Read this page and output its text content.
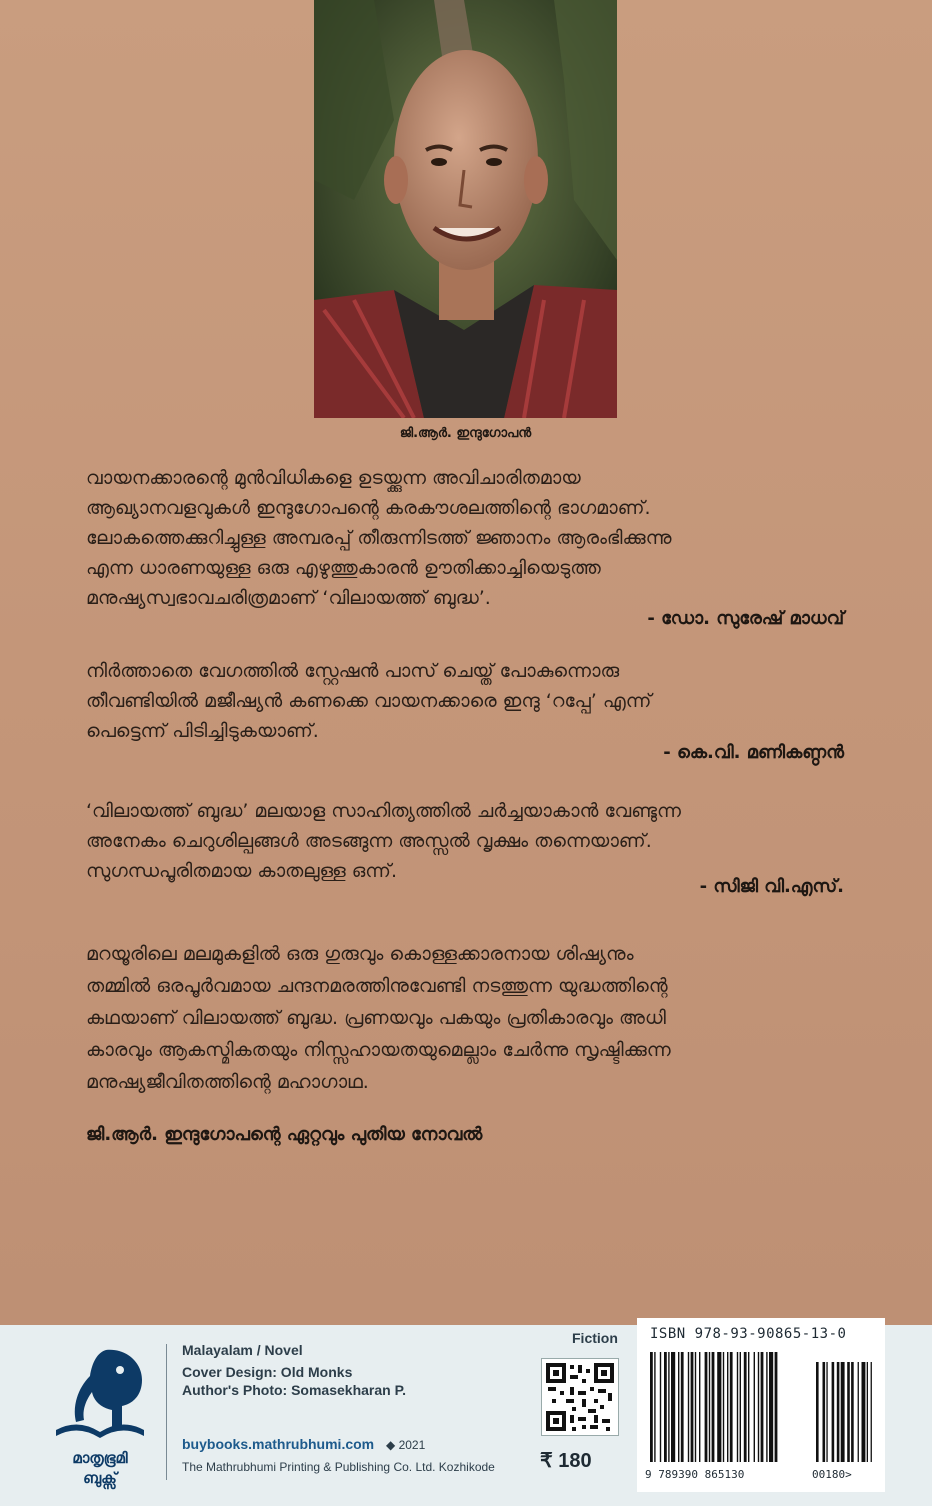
ജി.ആർ. ഇന്ദുഗോപൻ

വായനക്കാരന്റെ മുൻവിധികളെ ഉടയ്ക്കുന്ന അവിചാരിതമായ

ആഖ്യാനവളവുകൾ ഇന്ദുഗോപന്റെ കരകൗശലത്തിന്റെ ഭാഗമാണ്.

ലോകത്തെക്കുറിച്ചുള്ള അമ്പരപ്പ് തീരുന്നിടത്ത് ജ്ഞാനം ആരംഭിക്കുന്നു

എന്ന ധാരണയുള്ള ഒരു എഴുത്തുകാരൻ ഊതിക്കാച്ചിയെടുത്ത

മനുഷ്യസ്വഭാവചരിത്രമാണ് ‘വിലായത്ത് ബുദ്ധ’.

- ഡോ. സുരേഷ് മാധവ്

നിർത്താതെ വേഗത്തിൽ സ്റ്റേഷൻ പാസ് ചെയ്ത് പോകുന്നൊരു

തീവണ്ടിയിൽ മജീഷ്യൻ കണക്കെ വായനക്കാരെ ഇന്ദു ‘റപ്പേ’ എന്ന്

പെട്ടെന്ന് പിടിച്ചിടുകയാണ്.

- കെ.വി. മണികണ്ഠൻ

‘വിലായത്ത് ബുദ്ധ’ മലയാള സാഹിത്യത്തിൽ ചർച്ചയാകാൻ വേണ്ടുന്ന

അനേകം ചെറുശില്പങ്ങൾ അടങ്ങുന്ന അസ്സൽ വൃക്ഷം തന്നെയാണ്.

സുഗന്ധപൂരിതമായ കാതലുള്ള ഒന്ന്.

- സിജി വി.എസ്.

മറയൂരിലെ മലമുകളിൽ ഒരു ഗുരുവും കൊള്ളക്കാരനായ ശിഷ്യനും

തമ്മിൽ ഒരപൂർവമായ ചന്ദനമരത്തിനുവേണ്ടി നടത്തുന്ന യുദ്ധത്തിന്റെ

കഥയാണ് വിലായത്ത് ബുദ്ധ. പ്രണയവും പകയും പ്രതികാരവും അധി

കാരവും ആകസ്മികതയും നിസ്സഹായതയുമെല്ലാം ചേർന്നു സൃഷ്ടിക്കുന്ന

മനുഷ്യജീവിതത്തിന്റെ മഹാഗാഥ.

ജി.ആർ. ഇന്ദുഗോപന്റെ ഏറ്റവും പുതിയ നോവൽ
മാതൃഭൂമി
ബുക്സ്
Malayalam / Novel
Cover Design: Old Monks
Author's Photo: Somasekharan P.
buybooks.mathrubhumi.com ◆ 2021
The Mathrubhumi Printing & Publishing Co. Ltd. Kozhikode
Fiction
₹ 180
ISBN 978-93-90865-13-0
9 789390 865130	00180>
